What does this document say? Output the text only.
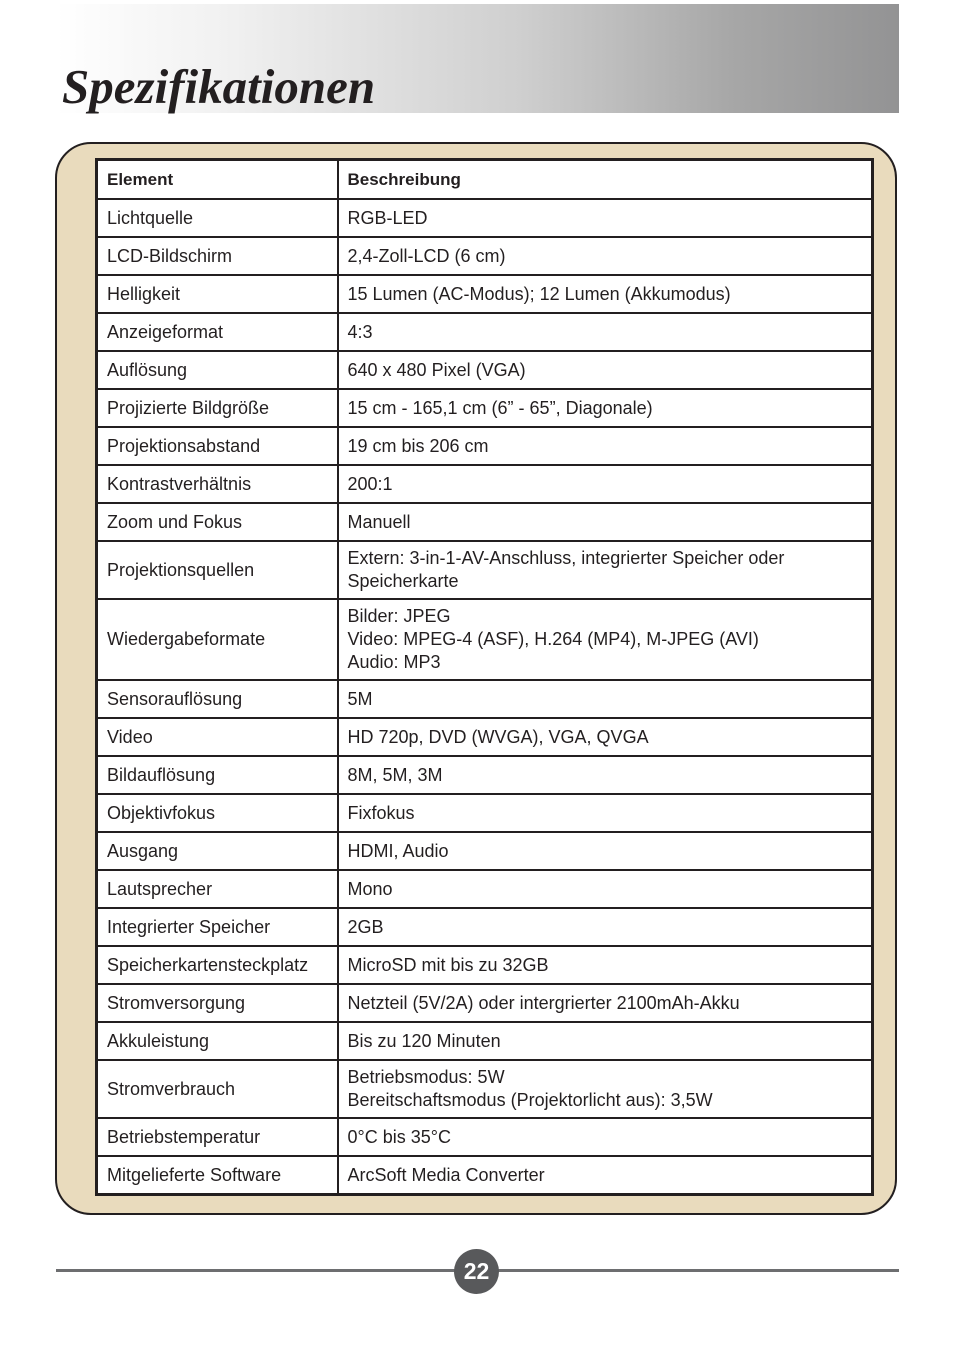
Spezifikationen
Element	Beschreibung
Lichtquelle	RGB-LED

LCD-Bildschirm	2,4-Zoll-LCD (6 cm)

Helligkeit	15 Lumen (AC-Modus); 12 Lumen (Akkumodus)

Anzeigeformat	4:3

Auflösung	640 x 480 Pixel (VGA)

Projizierte Bildgröße	15 cm - 165,1 cm (6” - 65”, Diagonale)

Projektionsabstand	19 cm bis 206 cm

Kontrastverhältnis	200:1

Zoom und Fokus	Manuell

Projektionsquellen	Extern: 3-in-1-AV-Anschluss, integrierter Speicher oder
Speicherkarte

Wiedergabeformate	Bilder: JPEG
Video: MPEG-4 (ASF), H.264 (MP4), M-JPEG (AVI)
Audio: MP3

Sensorauflösung	5M

Video	HD 720p, DVD (WVGA), VGA, QVGA

Bildauflösung	8M, 5M, 3M

Objektivfokus	Fixfokus

Ausgang	HDMI, Audio

Lautsprecher	Mono

Integrierter Speicher	2GB

Speicherkartensteckplatz	MicroSD mit bis zu 32GB

Stromversorgung	Netzteil (5V/2A) oder intergrierter 2100mAh-Akku

Akkuleistung	Bis zu 120 Minuten

Stromverbrauch	Betriebsmodus: 5W
Bereitschaftsmodus (Projektorlicht aus): 3,5W

Betriebstemperatur	0°C bis 35°C

Mitgelieferte Software	ArcSoft Media Converter
22
